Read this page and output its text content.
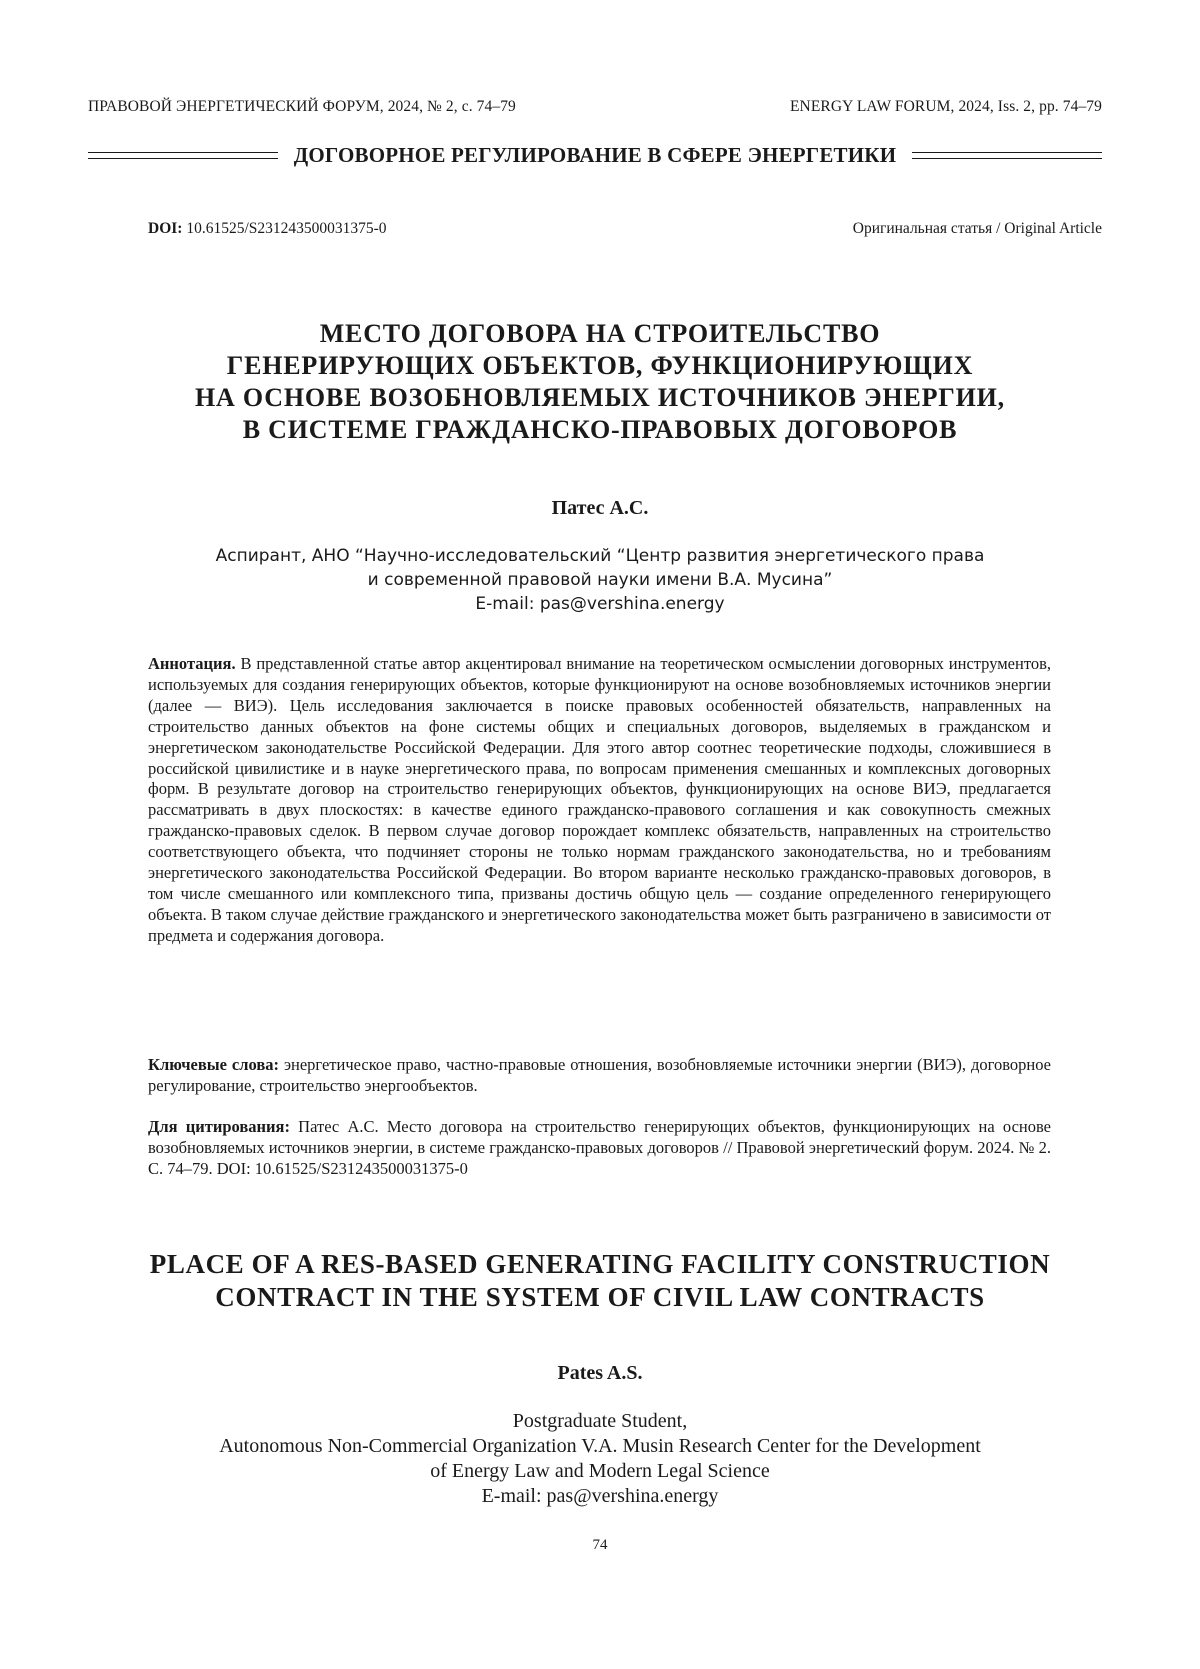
ПРАВОВОЙ ЭНЕРГЕТИЧЕСКИЙ ФОРУМ, 2024, № 2, с. 74–79	ENERGY LAW FORUM, 2024, Iss. 2, pp. 74–79
ДОГОВОРНОЕ РЕГУЛИРОВАНИЕ В СФЕРЕ ЭНЕРГЕТИКИ
DOI: 10.61525/S231243500031375-0	Оригинальная статья / Original Article
МЕСТО ДОГОВОРА НА СТРОИТЕЛЬСТВО
ГЕНЕРИРУЮЩИХ ОБЪЕКТОВ, ФУНКЦИОНИРУЮЩИХ
НА ОСНОВЕ ВОЗОБНОВЛЯЕМЫХ ИСТОЧНИКОВ ЭНЕРГИИ,
В СИСТЕМЕ ГРАЖДАНСКО-ПРАВОВЫХ ДОГОВОРОВ
Патес А.С.

Аспирант, АНО “Научно-исследовательский “Центр развития энергетического права

и современной правовой науки имени В.А. Мусина”

E-mail: pas@vershina.energy

Аннотация. В представленной статье автор акцентировал внимание на теоретическом осмыслении договорных инструментов, используемых для создания генерирующих объектов, которые функционируют на основе возобновляемых источников энергии (далее — ВИЭ). Цель исследования заключается в поиске правовых особенностей обязательств, направленных на строительство данных объектов на фоне системы общих и специальных договоров, выделяемых в гражданском и энергетическом законодательстве Российской Федерации. Для этого автор соотнес теоретические подходы, сложившиеся в российской цивилистике и в науке энергетического права, по вопросам применения смешанных и комплексных договорных форм. В результате договор на строительство генерирующих объектов, функционирующих на основе ВИЭ, предлагается рассматривать в двух плоскостях: в качестве единого гражданско-правового соглашения и как совокупность смежных гражданско-правовых сделок. В первом случае договор порождает комплекс обязательств, направленных на строительство соответствующего объекта, что подчиняет стороны не только нормам гражданского законодательства, но и требованиям энергетического законодательства Российской Федерации. Во втором варианте несколько гражданско-правовых договоров, в том числе смешанного или комплексного типа, призваны достичь общую цель — создание определенного генерирующего объекта. В таком случае действие гражданского и энергетического законодательства может быть разграничено в зависимости от предмета и содержания договора.

Ключевые слова: энергетическое право, частно-правовые отношения, возобновляемые источники энергии (ВИЭ), договорное регулирование, строительство энергообъектов.

Для цитирования: Патес А.С. Место договора на строительство генерирующих объектов, функционирующих на основе возобновляемых источников энергии, в системе гражданско-правовых договоров // Правовой энергетический форум. 2024. № 2. С. 74–79. DOI: 10.61525/S231243500031375-0

PLACE OF A RES-BASED GENERATING FACILITY CONSTRUCTION
CONTRACT IN THE SYSTEM OF CIVIL LAW CONTRACTS
Pates A.S.

Postgraduate Student,

Autonomous Non-Commercial Organization V.A. Musin Research Center for the Development

of Energy Law and Modern Legal Science

E-mail: pas@vershina.energy

74
